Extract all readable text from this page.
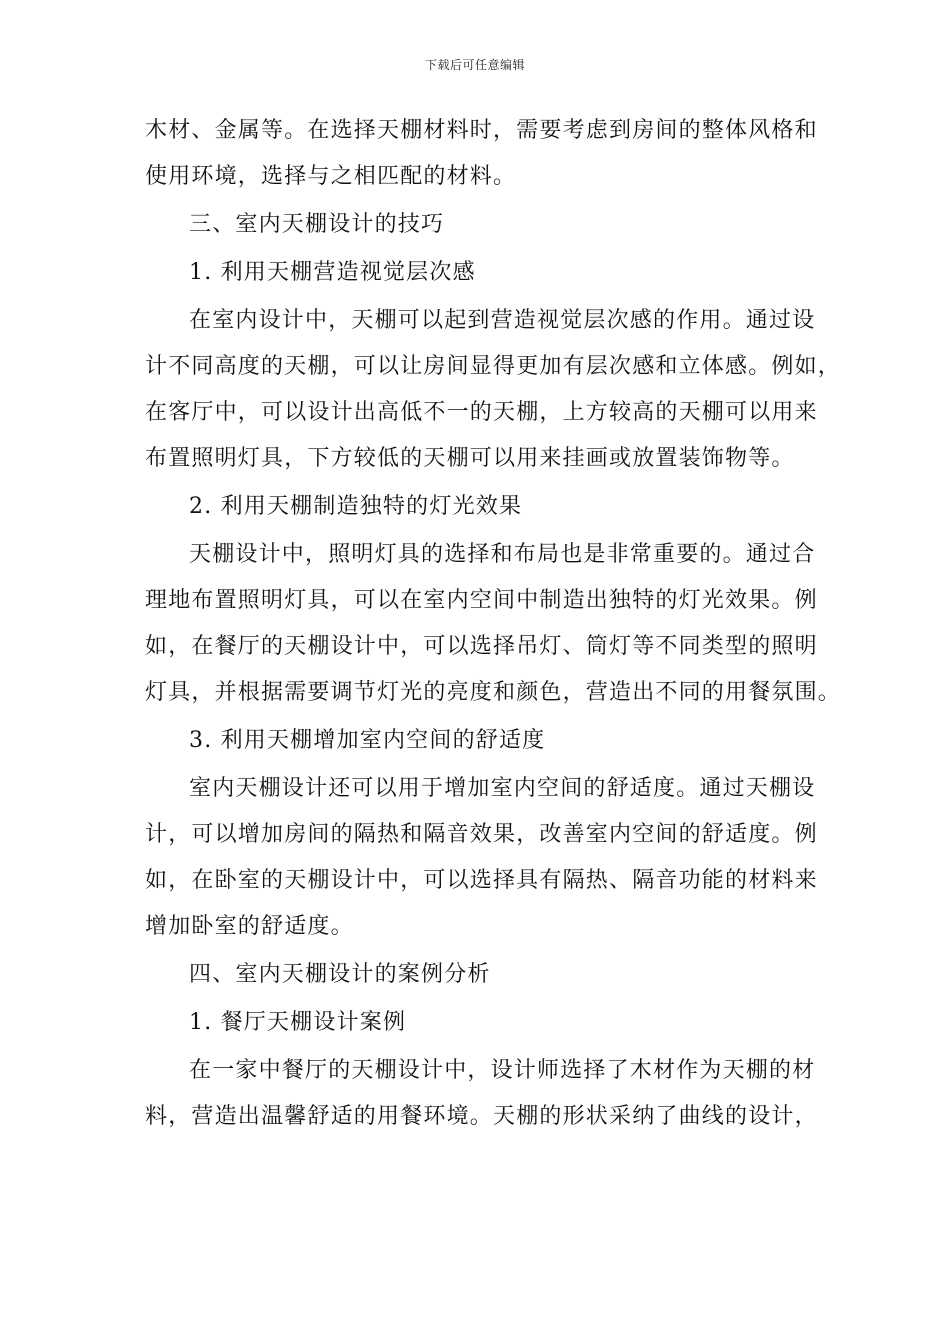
下载后可任意编辑
木材、金属等。在选择天棚材料时，需要考虑到房间的整体风格和
使用环境，选择与之相匹配的材料。
三、室内天棚设计的技巧
1. 利用天棚营造视觉层次感
在室内设计中，天棚可以起到营造视觉层次感的作用。通过设
计不同高度的天棚，可以让房间显得更加有层次感和立体感。例如，
在客厅中，可以设计出高低不一的天棚，上方较高的天棚可以用来
布置照明灯具，下方较低的天棚可以用来挂画或放置装饰物等。
2. 利用天棚制造独特的灯光效果
天棚设计中，照明灯具的选择和布局也是非常重要的。通过合
理地布置照明灯具，可以在室内空间中制造出独特的灯光效果。例
如，在餐厅的天棚设计中，可以选择吊灯、筒灯等不同类型的照明
灯具，并根据需要调节灯光的亮度和颜色，营造出不同的用餐氛围。
3. 利用天棚增加室内空间的舒适度
室内天棚设计还可以用于增加室内空间的舒适度。通过天棚设
计，可以增加房间的隔热和隔音效果，改善室内空间的舒适度。例
如，在卧室的天棚设计中，可以选择具有隔热、隔音功能的材料来
增加卧室的舒适度。
四、室内天棚设计的案例分析
1. 餐厅天棚设计案例
在一家中餐厅的天棚设计中，设计师选择了木材作为天棚的材
料，营造出温馨舒适的用餐环境。天棚的形状采纳了曲线的设计，
